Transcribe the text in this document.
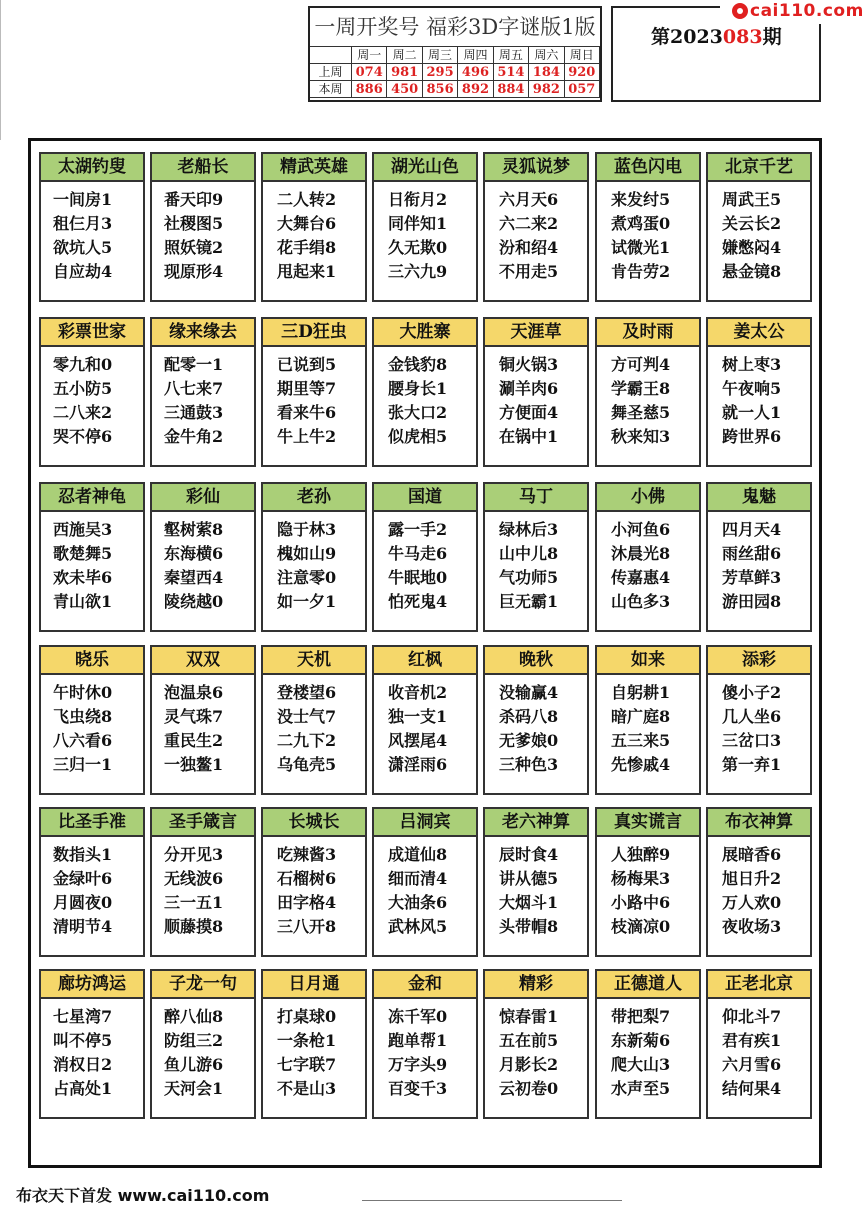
一周开奖号 福彩3D字谜版1版
周一 周二 周三 周四 周五 周六 周日
上周	074 981 295 496 514 184 920
本周	886 450 856 892 884 982 057
第2023083期
cai110.com
太湖钓叟
一间房1
租仨月3
欲坑人5
自应劫4
老船长
番天印9
社稷图5
照妖镜2
现原形4
精武英雄
二人转2
大舞台6
花手绢8
甩起来1
湖光山色
日衔月2
同伴知1
久无欺0
三六九9
灵狐说梦
六月天6
六二来2
汾和绍4
不用走5
蓝色闪电
来发纣5
煮鸡蛋0
试微光1
肯告劳2
北京千艺
周武王5
关云长2
嫌憋闷4
悬金镜8
彩票世家
零九和0
五小防5
二八来2
哭不停6
缘来缘去
配零一1
八七来7
三通鼓3
金牛角2
三D狂虫
已说到5
期里等7
看来牛6
牛上牛2
大胜寨
金钱豹8
腰身长1
张大口2
似虎相5
天涯草
铜火锅3
涮羊肉6
方便面4
在锅中1
及时雨
方可判4
学霸王8
舞圣慈5
秋来知3
姜太公
树上枣3
午夜响5
就一人1
跨世界6
忍者神龟
西施吴3
歌楚舞5
欢未毕6
青山欲1
彩仙
壑树萦8
东海横6
秦望西4
陵绕越0
老孙
隐于林3
槐如山9
注意零0
如一夕1
国道
露一手2
牛马走6
牛眠地0
怕死鬼4
马丁
绿林后3
山中儿8
气功师5
巨无霸1
小佛
小河鱼6
沐晨光8
传嘉惠4
山色多3
鬼魅
四月天4
雨丝甜6
芳草鲜3
游田园8
晓乐
午时休0
飞虫绕8
八六看6
三归一1
双双
泡温泉6
灵气珠7
重民生2
一独鳌1
天机
登楼望6
没士气7
二九下2
乌龟壳5
红枫
收音机2
独一支1
风摆尾4
潇淫雨6
晚秋
没输赢4
杀码八8
无爹娘0
三种色3
如来
自躬耕1
暗广庭8
五三来5
先惨戚4
添彩
傻小子2
几人坐6
三岔口3
第一弃1
比圣手准
数指头1
金绿叶6
月圆夜0
清明节4
圣手箴言
分开见3
无线波6
三一五1
顺藤摸8
长城长
吃辣酱3
石榴树6
田字格4
三八开8
吕洞宾
成道仙8
细而清4
大油条6
武林风5
老六神算
辰时食4
讲从德5
大烟斗1
头带帽8
真实谎言
人独醉9
杨梅果3
小路中6
枝滴凉0
布衣神算
展暗香6
旭日升2
万人欢0
夜收场3
廊坊鸿运
七星湾7
叫不停5
消权日2
占高处1
子龙一句
醉八仙8
防组三2
鱼儿游6
天河会1
日月通
打桌球0
一条枪1
七字联7
不是山3
金和
冻千军0
跑单帮1
万字头9
百变千3
精彩
惊春雷1
五在前5
月影长2
云初卷0
正德道人
带把梨7
东新菊6
爬大山3
水声至5
正老北京
仰北斗7
君有疾1
六月雪6
结何果4
布衣天下首发 www.cai110.com
